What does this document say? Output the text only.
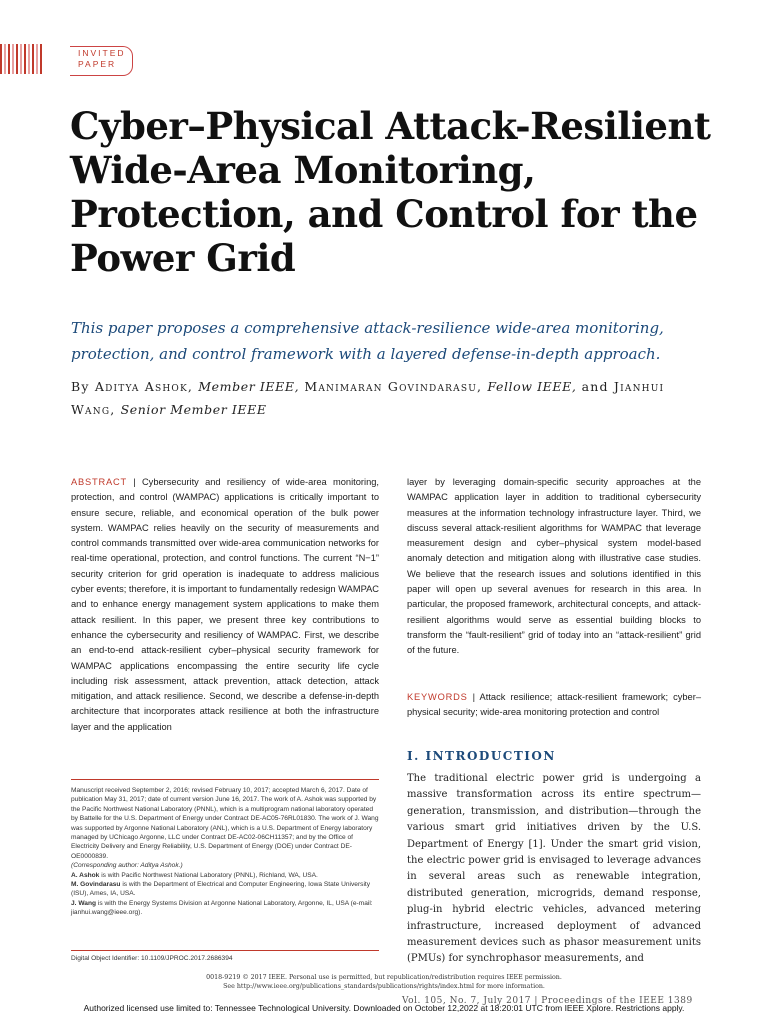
INVITED
PAPER
Cyber–Physical Attack-Resilient Wide-Area Monitoring, Protection, and Control for the Power Grid
This paper proposes a comprehensive attack-resilience wide-area monitoring, protection, and control framework with a layered defense-in-depth approach.
By Aditya Ashok, Member IEEE, Manimaran Govindarasu, Fellow IEEE, and Jianhui Wang, Senior Member IEEE
ABSTRACT | Cybersecurity and resiliency of wide-area monitoring, protection, and control (WAMPAC) applications is critically important to ensure secure, reliable, and economical operation of the bulk power system. WAMPAC relies heavily on the security of measurements and control commands transmitted over wide-area communication networks for real-time operational, protection, and control functions. The current “N−1” security criterion for grid operation is inadequate to address malicious cyber events; therefore, it is important to fundamentally redesign WAMPAC and to enhance energy management system applications to make them attack resilient. In this paper, we present three key contributions to enhance the cybersecurity and resiliency of WAMPAC. First, we describe an end-to-end attack-resilient cyber–physical security framework for WAMPAC applications encompassing the entire security life cycle including risk assessment, attack prevention, attack detection, attack mitigation, and attack resilience. Second, we describe a defense-in-depth architecture that incorporates attack resilience at both the infrastructure layer and the application
layer by leveraging domain-specific security approaches at the WAMPAC application layer in addition to traditional cybersecurity measures at the information technology infrastructure layer. Third, we discuss several attack-resilient algorithms for WAMPAC that leverage measurement design and cyber–physical system model-based anomaly detection and mitigation along with illustrative case studies. We believe that the research issues and solutions identified in this paper will open up several avenues for research in this area. In particular, the proposed framework, architectural concepts, and attack-resilient algorithms would serve as essential building blocks to transform the “fault-resilient” grid of today into an “attack-resilient” grid of the future.
KEYWORDS | Attack resilience; attack-resilient framework; cyber–physical security; wide-area monitoring protection and control
I. INTRODUCTION
The traditional electric power grid is undergoing a massive transformation across its entire spectrum—generation, transmission, and distribution—through the various smart grid initiatives driven by the U.S. Department of Energy [1]. Under the smart grid vision, the electric power grid is envisaged to leverage advances in several areas such as renewable integration, distributed generation, microgrids, demand response, plug-in hybrid electric vehicles, advanced metering infrastructure, increased deployment of advanced measurement devices such as phasor measurement units (PMUs) for synchrophasor measurements, and
Manuscript received September 2, 2016; revised February 10, 2017; accepted March 6, 2017. Date of publication May 31, 2017; date of current version June 16, 2017. The work of A. Ashok was supported by the Pacific Northwest National Laboratory (PNNL), which is a multiprogram national laboratory operated by Battelle for the U.S. Department of Energy under Contract DE-AC05-76RL01830. The work of J. Wang was supported by Argonne National Laboratory (ANL), which is a U.S. Department of Energy laboratory managed by UChicago Argonne, LLC under Contract DE-AC02-06CH11357; and by the Office of Electricity Delivery and Energy Reliability, U.S. Department of Energy (DOE) under Contract DE-OE0000839.
(Corresponding author: Aditya Ashok.)
A. Ashok is with Pacific Northwest National Laboratory (PNNL), Richland, WA, USA.
M. Govindarasu is with the Department of Electrical and Computer Engineering, Iowa State University (ISU), Ames, IA, USA.
J. Wang is with the Energy Systems Division at Argonne National Laboratory, Argonne, IL, USA (e-mail: jianhui.wang@ieee.org).
Digital Object Identifier: 10.1109/JPROC.2017.2686394
0018-9219 © 2017 IEEE. Personal use is permitted, but republication/redistribution requires IEEE permission.
See http://www.ieee.org/publications_standards/publications/rights/index.html for more information.
Vol. 105, No. 7, July 2017 | Proceedings of the IEEE 1389
Authorized licensed use limited to: Tennessee Technological University. Downloaded on October 12,2022 at 18:20:01 UTC from IEEE Xplore. Restrictions apply.
